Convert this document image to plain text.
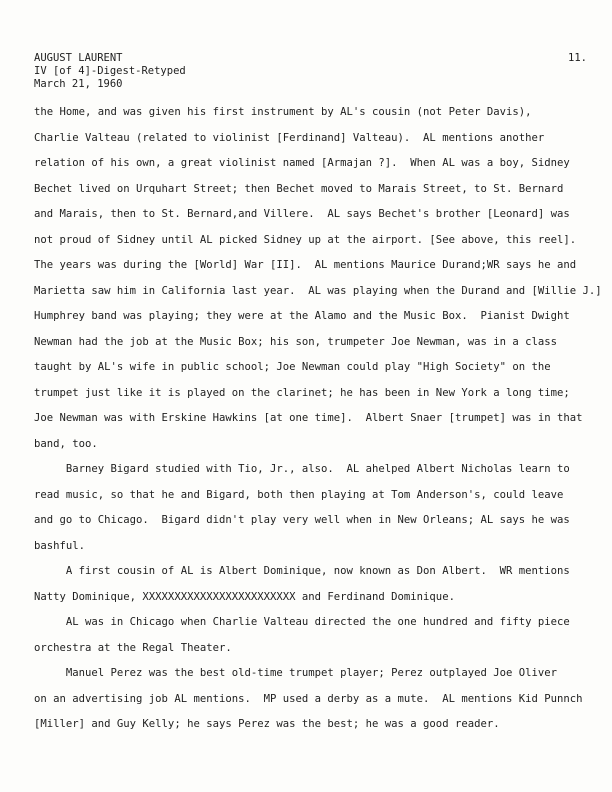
AUGUST LAURENT
IV [of 4]-Digest-Retyped
March 21, 1960
11.
the Home, and was given his first instrument by AL's cousin (not Peter Davis),
Charlie Valteau (related to violinist [Ferdinand] Valteau).  AL mentions another
relation of his own, a great violinist named [Armajan ?].  When AL was a boy, Sidney
Bechet lived on Urquhart Street; then Bechet moved to Marais Street, to St. Bernard
and Marais, then to St. Bernard,and Villere.  AL says Bechet's brother [Leonard] was
not proud of Sidney until AL picked Sidney up at the airport. [See above, this reel].
The years was during the [World] War [II].  AL mentions Maurice Durand;WR says he and
Marietta saw him in California last year.  AL was playing when the Durand and [Willie J.]
Humphrey band was playing; they were at the Alamo and the Music Box.  Pianist Dwight
Newman had the job at the Music Box; his son, trumpeter Joe Newman, was in a class
taught by AL's wife in public school; Joe Newman could play "High Society" on the
trumpet just like it is played on the clarinet; he has been in New York a long time;
Joe Newman was with Erskine Hawkins [at one time].  Albert Snaer [trumpet] was in that
band, too.
Barney Bigard studied with Tio, Jr., also.  AL ahelped Albert Nicholas learn to
read music, so that he and Bigard, both then playing at Tom Anderson's, could leave
and go to Chicago.  Bigard didn't play very well when in New Orleans; AL says he was
bashful.
A first cousin of AL is Albert Dominique, now known as Don Albert.  WR mentions
Natty Dominique, XXXXXXXXXXXXXXXXXXXXXXXX and Ferdinand Dominique.
AL was in Chicago when Charlie Valteau directed the one hundred and fifty piece
orchestra at the Regal Theater.
Manuel Perez was the best old-time trumpet player; Perez outplayed Joe Oliver
on an advertising job AL mentions.  MP used a derby as a mute.  AL mentions Kid Punnch
[Miller] and Guy Kelly; he says Perez was the best; he was a good reader.
